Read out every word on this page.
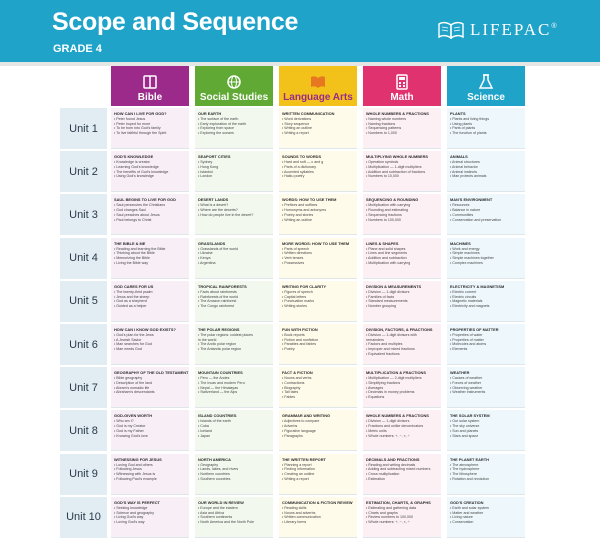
Scope and Sequence
GRADE 4
LIFEPAC ®
Bible	Social Studies Language Arts	Math	Science
Unit 1
HOW CAN I LIVE FOR GOD?
• Peter found Jesus
• Peter hoped for more
• To be born into God's family
• To live faithful through the Spirit
OUR EARTH
• The surface of the earth
• Early exploration of the earth
• Exploring from space
• Exploring the oceans
WRITTEN COMMUNICATION
• Word derivations
• Story sequence
• Writing an outline
• Writing a report
WHOLE NUMBERS & FRACTIONS
• Naming whole numbers
• Naming fractions
• Sequencing patterns
• Numbers to 1,000
PLANTS
• Plants and living things
• Using plants
• Parts of plants
• The function of plants
Unit 2
GOD'S KNOWLEDGE
• Knowledge is creator
• Learning God's knowledge
• The benefits of God's knowledge
• Using God's knowledge
SEAPORT CITIES
• Sydney
• Hong Kong
• Istanbul
• London
SOUNDS TO WORDS
• Hard and soft — c and g
• Parts of a dictionary
• Accented syllables
• Haiku poetry
MULTIPLYING WHOLE NUMBERS
• Operation symbols
• Multiplication — 1-digit multipliers
• Addition and subtraction of fractions
• Numbers to 10,000
ANIMALS
• Animal structures
• Animal behavior
• Animal instincts
• Man protects animals
Unit 3
SAUL BEGINS TO LIVE FOR GOD
• Saul persecutes the Christians
• God changes Saul
• Saul preaches about Jesus
• Paul belongs to Christ
DESERT LANDS
• What is a desert?
• Where are the deserts?
• How do people live in the desert?
WORDS: HOW TO USE THEM
• Prefixes and suffixes
• Homonyms and antonyms
• Poetry and stories
• Writing an outline
SEQUENCING & ROUNDING
• Multiplication with carrying
• Rounding and estimating
• Sequencing fractions
• Numbers to 100,000
MAN'S ENVIRONMENT
• Resources
• Balance in nature
• Communities
• Conservation and preservation
Unit 4
THE BIBLE & ME
• Reading and learning the Bible
• Thinking about the Bible
• Memorizing the Bible
• Living the Bible way
GRASSLANDS
• Grasslands of the world
• Ukraine
• Kenya
• Argentina
MORE WORDS: HOW TO USE THEM
• Parts of speech
• Written directions
• Verb tenses
• Possessives
LINES & SHAPES
• Plane and solid shapes
• Lines and line segments
• Addition and subtraction
• Multiplication with carrying
MACHINES
• Work and energy
• Simple machines
• Simple machines together
• Complex machines
Unit 5
GOD CARES FOR US
• The twenty-third psalm
• Jesus and the sheep
• God as a shepherd
• Guided as a helper
TROPICAL RAINFORESTS
• Facts about rainforests
• Rainforests of the world
• The Amazon rainforest
• The Congo rainforest
WRITING FOR CLARITY
• Figures of speech
• Capital letters
• Punctuation marks
• Writing stories
DIVISION & MEASUREMENTS
• Division — 1-digit divisors
• Families of facts
• Standard measurements
• Number grouping
ELECTRICITY & MAGNETISM
• Electric current
• Electric circuits
• Magnetic materials
• Electricity and magnets
Unit 6
HOW CAN I KNOW GOD EXISTS?
• God's plan for the Jews
• A Jewish Savior
• Man searches for God
• Man needs God
THE POLAR REGIONS
• The polar regions: coldest places
in the world
• The Arctic polar region
• The Antarctic polar region
FUN WITH FICTION
• Book reports
• Fiction and nonfiction
• Parables and fables
• Poetry
DIVISION, FACTORS, & FRACTIONS
• Division — 1-digit divisors with
remainders
• Factors and multiples
• Improper and mixed fractions
• Equivalent fractions
PROPERTIES OF MATTER
• Properties of water
• Properties of matter
• Molecules and atoms
• Elements
Unit 7
GEOGRAPHY OF THE OLD TESTAMENT
• Bible geography
• Description of the land
• Abram's nomadic life
• Abraham's descendants
MOUNTAIN COUNTRIES
• Peru — the Andes
• The Incas and modern Peru
• Nepal — the Himalayas
• Switzerland — the Alps
FACT & FICTION
• Nouns and verbs
• Contractions
• Biography
• Tall tales
• Fables
MULTIPLICATION & FRACTIONS
• Multiplication — 2-digit multipliers
• Simplifying fractions
• Averages
• Decimals in money problems
• Equations
WEATHER
• Causes of weather
• Forces of weather
• Observing weather
• Weather instruments
Unit 8
GOD-GIVEN WORTH
• Who am I?
• God is my Creator
• God is my Father
• Knowing God's love
ISLAND COUNTRIES
• Islands of the earth
• Cuba
• Iceland
• Japan
GRAMMAR AND WRITING
• Adjectives to compare
• Adverbs
• Figurative language
• Paragraphs
WHOLE NUMBERS & FRACTIONS
• Division — 1-digit divisors
• Fractions and unlike denominators
• Metric units
• Whole numbers: +, −, ×, ÷
THE SOLAR SYSTEM
• Our solar system
• The sky universe
• Sun and planets
• Stars and space
Unit 9
WITNESSING FOR JESUS
• Loving God and others
• Following Jesus
• Witnessing with Jesus is
• Following Paul's example
NORTH AMERICA
• Geography
• Lands, lakes, and rivers
• Northern countries
• Southern countries
THE WRITTEN REPORT
• Planning a report
• Finding information
• Creating an outline
• Writing a report
DECIMALS AND FRACTIONS
• Reading and writing decimals
• Adding and subtracting mixed numbers
• Cross multiplication
• Estimation
THE PLANET EARTH
• The atmosphere
• The hydrosphere
• The lithosphere
• Rotation and revolution
Unit 10
GOD'S WAY IS PERFECT
• Seeking knowledge
• Science and geography
• Living God's way
• Loving God's way
OUR WORLD IN REVIEW
• Europe and the eastern
• Asia and Africa
• Southern continents
• North America and the North Pole
COMMUNICATION & FICTION REVIEW
• Reading skills
• Nouns and adverbs
• Written communication
• Literary forms
ESTIMATION, CHARTS, & GRAPHS
• Estimating and gathering data
• Charts and graphs
• Review numbers to 100,000
• Whole numbers: +, −, ×, ÷
GOD'S CREATION
• Earth and solar system
• Matter and weather
• Living nature
• Conservation
